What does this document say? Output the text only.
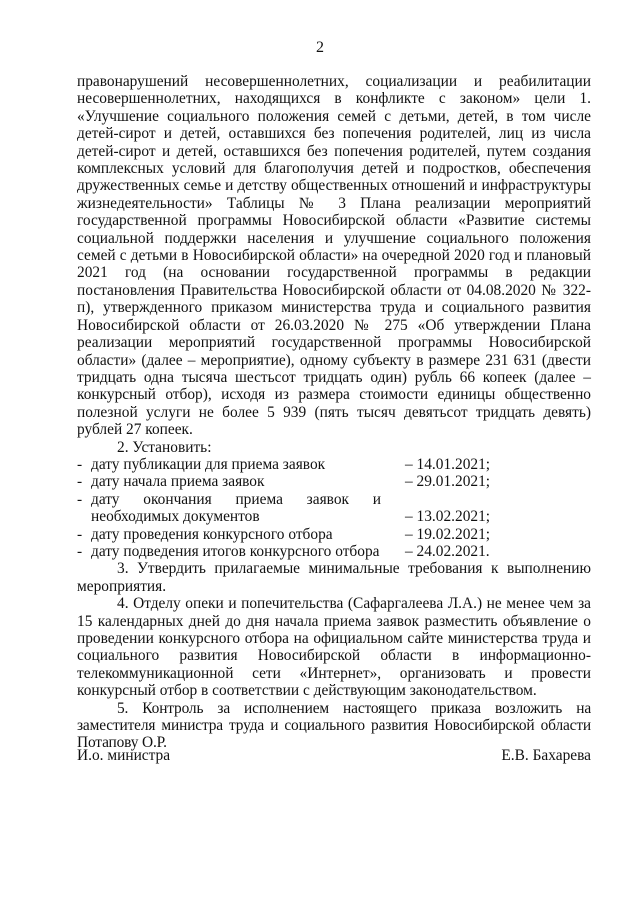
2

правонарушений несовершеннолетних, социализации и реабилитации несовершеннолетних, находящихся в конфликте с законом» цели 1. «Улучшение социального положения семей с детьми, детей, в том числе детей-сирот и детей, оставшихся без попечения родителей, лиц из числа детей-сирот и детей, оставшихся без попечения родителей, путем создания комплексных условий для благополучия детей и подростков, обеспечения дружественных семье и детству общественных отношений и инфраструктуры жизнедеятельности» Таблицы № 3 Плана реализации мероприятий государственной программы Новосибирской области «Развитие системы социальной поддержки населения и улучшение социального положения семей с детьми в Новосибирской области» на очередной 2020 год и плановый 2021 год (на основании государственной программы в редакции постановления Правительства Новосибирской области от 04.08.2020 № 322-п), утвержденного приказом министерства труда и социального развития Новосибирской области от 26.03.2020 № 275 «Об утверждении Плана реализации мероприятий государственной программы Новосибирской области» (далее – мероприятие), одному субъекту в размере 231 631 (двести тридцать одна тысяча шестьсот тридцать один) рубль 66 копеек (далее – конкурсный отбор), исходя из размера стоимости единицы общественно полезной услуги не более 5 939 (пять тысяч девятьсот тридцать девять) рублей 27 копеек.

2. Установить:

- дату публикации для приема заявок	– 14.01.2021;
- дату начала приема заявок	– 29.01.2021;
- дату окончания приема заявок и
необходимых документов	– 13.02.2021;
- дату проведения конкурсного отбора	– 19.02.2021;
- дату подведения итогов конкурсного отбора	– 24.02.2021.

3. Утвердить прилагаемые минимальные требования к выполнению мероприятия.

4. Отделу опеки и попечительства (Сафаргалеева Л.А.) не менее чем за 15 календарных дней до дня начала приема заявок разместить объявление о проведении конкурсного отбора на официальном сайте министерства труда и социального развития Новосибирской области в информационно-телекоммуникационной сети «Интернет», организовать и провести конкурсный отбор в соответствии с действующим законодательством.

5. Контроль за исполнением настоящего приказа возложить на заместителя министра труда и социального развития Новосибирской области Потапову О.Р.

И.о. министра	Е.В. Бахарева
